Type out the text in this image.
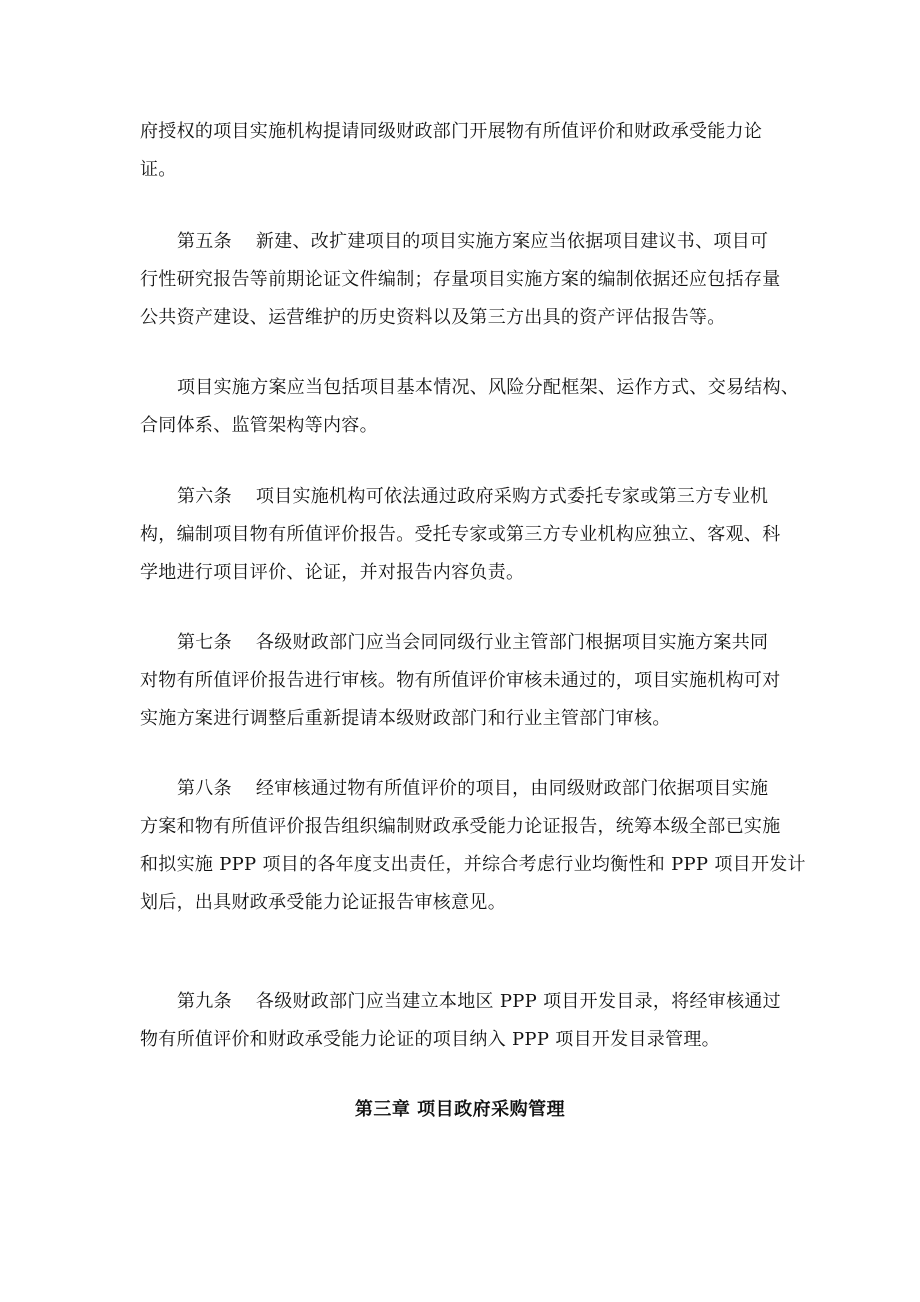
府授权的项目实施机构提请同级财政部门开展物有所值评价和财政承受能力论
证。
第五条 新建、改扩建项目的项目实施方案应当依据项目建议书、项目可
行性研究报告等前期论证文件编制；存量项目实施方案的编制依据还应包括存量
公共资产建设、运营维护的历史资料以及第三方出具的资产评估报告等。
项目实施方案应当包括项目基本情况、风险分配框架、运作方式、交易结构、
合同体系、监管架构等内容。
第六条 项目实施机构可依法通过政府采购方式委托专家或第三方专业机
构，编制项目物有所值评价报告。受托专家或第三方专业机构应独立、客观、科
学地进行项目评价、论证，并对报告内容负责。
第七条 各级财政部门应当会同同级行业主管部门根据项目实施方案共同
对物有所值评价报告进行审核。物有所值评价审核未通过的，项目实施机构可对
实施方案进行调整后重新提请本级财政部门和行业主管部门审核。
第八条 经审核通过物有所值评价的项目，由同级财政部门依据项目实施
方案和物有所值评价报告组织编制财政承受能力论证报告，统筹本级全部已实施
和拟实施 PPP 项目的各年度支出责任，并综合考虑行业均衡性和 PPP 项目开发计
划后，出具财政承受能力论证报告审核意见。
第九条 各级财政部门应当建立本地区 PPP 项目开发目录，将经审核通过
物有所值评价和财政承受能力论证的项目纳入 PPP 项目开发目录管理。
第三章 项目政府采购管理
